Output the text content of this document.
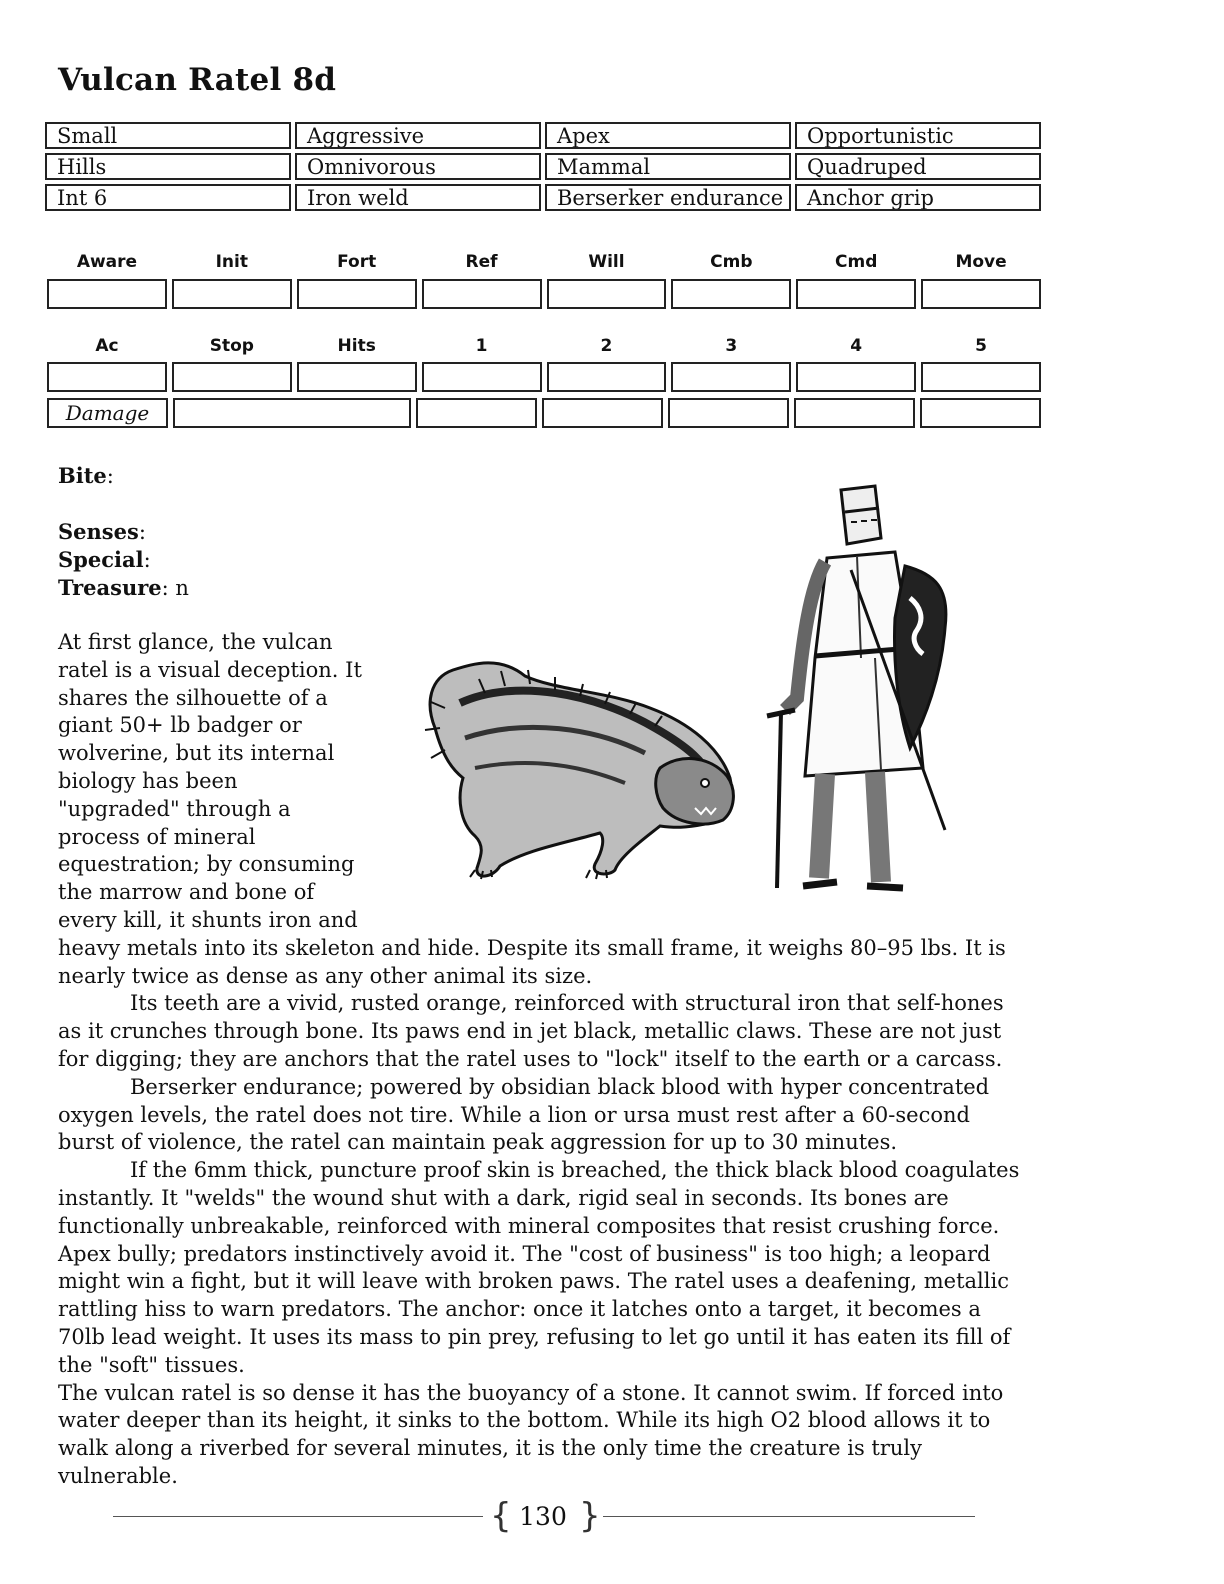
Vulcan Ratel 8d
Small	Aggressive	Apex	Opportunistic
Hills	Omnivorous	Mammal	Quadruped
Int 6	Iron weld	Berserker endurance	Anchor grip
Aware	Init	Fort	Ref	Will	Cmb	Cmd	Move
Ac	Stop	Hits	1	2	3	4	5
Damage
Bite:
Senses:
Special:
Treasure: n

At first glance, the vulcan ratel is a visual deception. It shares the silhouette of a giant 50+ lb badger or wolverine, but its internal biology has been "upgraded" through a process of mineral equestration; by consuming the marrow and bone of every kill, it shunts iron and heavy metals into its skeleton and hide. Despite its small frame, it weighs 80–95 lbs. It is nearly twice as dense as any other animal its size.

Its teeth are a vivid, rusted orange, reinforced with structural iron that self-hones as it crunches through bone. Its paws end in jet black, metallic claws. These are not just for digging; they are anchors that the ratel uses to "lock" itself to the earth or a carcass.

Berserker endurance; powered by obsidian black blood with hyper concentrated oxygen levels, the ratel does not tire. While a lion or ursa must rest after a 60-second burst of violence, the ratel can maintain peak aggression for up to 30 minutes.

If the 6mm thick, puncture proof skin is breached, the thick black blood coagulates instantly. It "welds" the wound shut with a dark, rigid seal in seconds. Its bones are functionally unbreakable, reinforced with mineral composites that resist crushing force. Apex bully; predators instinctively avoid it. The "cost of business" is too high; a leopard might win a fight, but it will leave with broken paws. The ratel uses a deafening, metallic rattling hiss to warn predators. The anchor: once it latches onto a target, it becomes a 70lb lead weight. It uses its mass to pin prey, refusing to let go until it has eaten its fill of the "soft" tissues.

The vulcan ratel is so dense it has the buoyancy of a stone. It cannot swim. If forced into water deeper than its height, it sinks to the bottom. While its high O2 blood allows it to walk along a riverbed for several minutes, it is the only time the creature is truly vulnerable.

{ 130 }
